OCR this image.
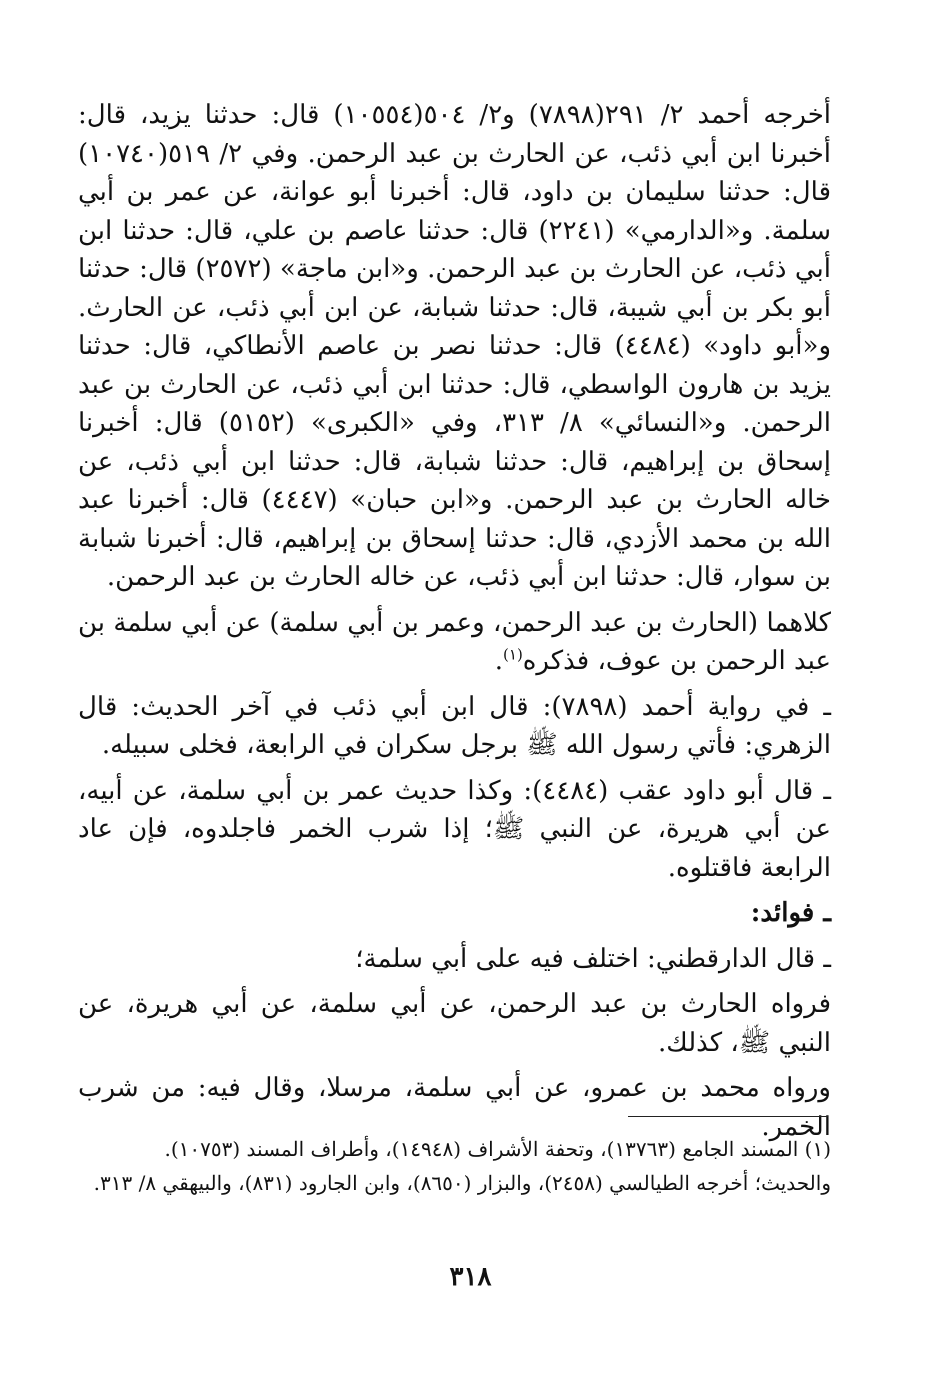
أخرجه أحمد ٢/ ٢٩١(٧٨٩٨) و٢/ ٥٠٤(١٠٥٥٤) قال: حدثنا يزيد، قال: أخبرنا ابن أبي ذئب، عن الحارث بن عبد الرحمن. وفي ٢/ ٥١٩(١٠٧٤٠) قال: حدثنا سليمان بن داود، قال: أخبرنا أبو عوانة، عن عمر بن أبي سلمة. و«الدارمي» (٢٢٤١) قال: حدثنا عاصم بن علي، قال: حدثنا ابن أبي ذئب، عن الحارث بن عبد الرحمن. و«ابن ماجة» (٢٥٧٢) قال: حدثنا أبو بكر بن أبي شيبة، قال: حدثنا شبابة، عن ابن أبي ذئب، عن الحارث. و«أبو داود» (٤٤٨٤) قال: حدثنا نصر بن عاصم الأنطاكي، قال: حدثنا يزيد بن هارون الواسطي، قال: حدثنا ابن أبي ذئب، عن الحارث بن عبد الرحمن. و«النسائي» ٨/ ٣١٣، وفي «الكبرى» (٥١٥٢) قال: أخبرنا إسحاق بن إبراهيم، قال: حدثنا شبابة، قال: حدثنا ابن أبي ذئب، عن خاله الحارث بن عبد الرحمن. و«ابن حبان» (٤٤٤٧) قال: أخبرنا عبد الله بن محمد الأزدي، قال: حدثنا إسحاق بن إبراهيم، قال: أخبرنا شبابة بن سوار، قال: حدثنا ابن أبي ذئب، عن خاله الحارث بن عبد الرحمن.

كلاهما (الحارث بن عبد الرحمن، وعمر بن أبي سلمة) عن أبي سلمة بن عبد الرحمن بن عوف، فذكره$^{(١)}$.

ـ في رواية أحمد (٧٨٩٨): قال ابن أبي ذئب في آخر الحديث: قال الزهري: فأتي رسول الله ﷺ برجل سكران في الرابعة، فخلى سبيله.

ـ قال أبو داود عقب (٤٤٨٤): وكذا حديث عمر بن أبي سلمة، عن أبيه، عن أبي هريرة، عن النبي ﷺ؛ إذا شرب الخمر فاجلدوه، فإن عاد الرابعة فاقتلوه.

ـ فوائد:

ـ قال الدارقطني: اختلف فيه على أبي سلمة؛

فرواه الحارث بن عبد الرحمن، عن أبي سلمة، عن أبي هريرة، عن النبي ﷺ، كذلك.

ورواه محمد بن عمرو، عن أبي سلمة، مرسلا، وقال فيه: من شرب الخمر.

(١) المسند الجامع (١٣٧٦٣)، وتحفة الأشراف (١٤٩٤٨)، وأطراف المسند (١٠٧٥٣).

والحديث؛ أخرجه الطيالسي (٢٤٥٨)، والبزار (٨٦٥٠)، وابن الجارود (٨٣١)، والبيهقي ٨/ ٣١٣.

٣١٨
